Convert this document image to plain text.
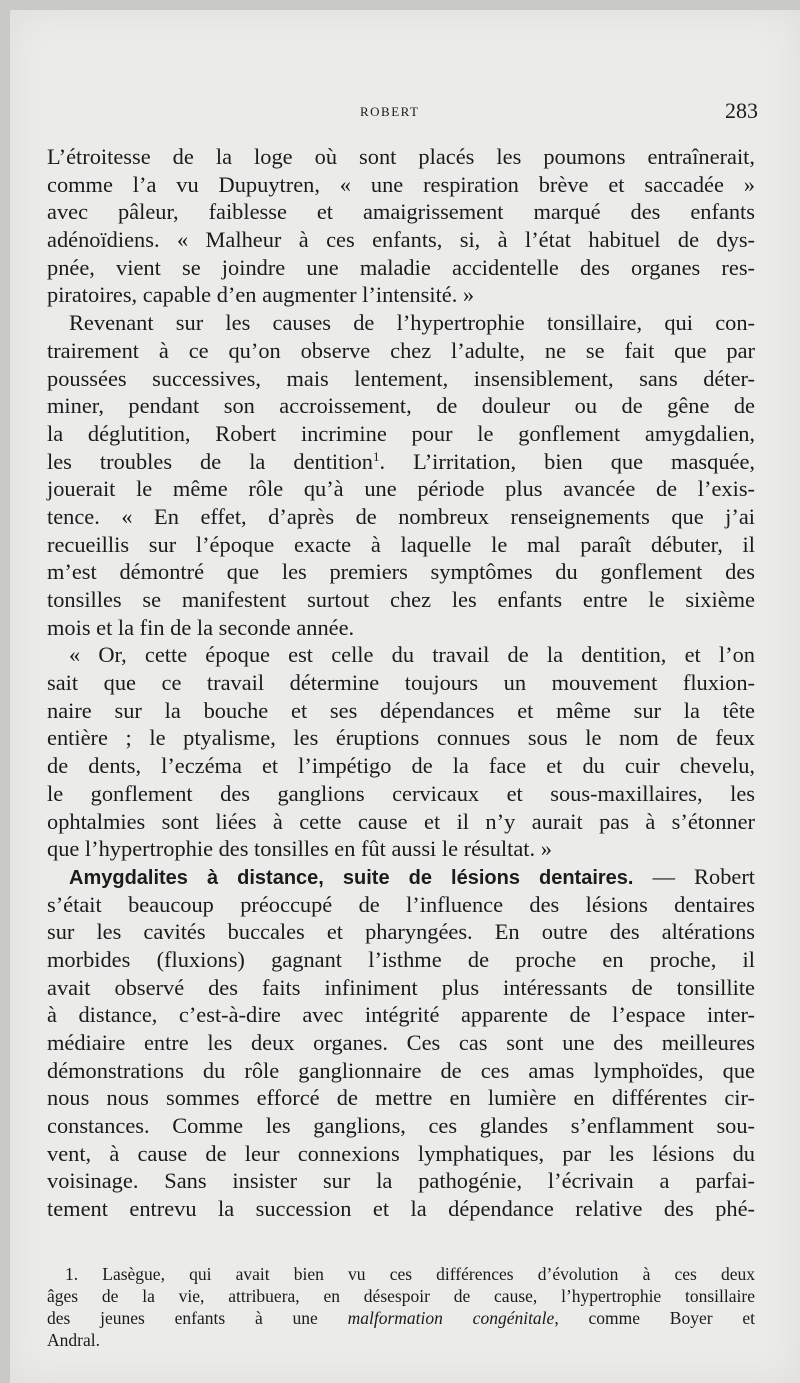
ROBERT	283
L’étroitesse de la loge où sont placés les poumons entraînerait,
comme l’a vu Dupuytren, « une respiration brève et saccadée »
avec pâleur, faiblesse et amaigrissement marqué des enfants
adénoïdiens. « Malheur à ces enfants, si, à l’état habituel de dys-
pnée, vient se joindre une maladie accidentelle des organes res-
piratoires, capable d’en augmenter l’intensité. »
Revenant sur les causes de l’hypertrophie tonsillaire, qui con-
trairement à ce qu’on observe chez l’adulte, ne se fait que par
poussées successives, mais lentement, insensiblement, sans déter-
miner, pendant son accroissement, de douleur ou de gêne de
la déglutition, Robert incrimine pour le gonflement amygdalien,
les troubles de la dentition$^1$. L’irritation, bien que masquée,
jouerait le même rôle qu’à une période plus avancée de l’exis-
tence. « En effet, d’après de nombreux renseignements que j’ai
recueillis sur l’époque exacte à laquelle le mal paraît débuter, il
m’est démontré que les premiers symptômes du gonflement des
tonsilles se manifestent surtout chez les enfants entre le sixième
mois et la fin de la seconde année.
« Or, cette époque est celle du travail de la dentition, et l’on
sait que ce travail détermine toujours un mouvement fluxion-
naire sur la bouche et ses dépendances et même sur la tête
entière ; le ptyalisme, les éruptions connues sous le nom de feux
de dents, l’eczéma et l’impétigo de la face et du cuir chevelu,
le gonflement des ganglions cervicaux et sous-maxillaires, les
ophtalmies sont liées à cette cause et il n’y aurait pas à s’étonner
que l’hypertrophie des tonsilles en fût aussi le résultat. »
Amygdalites à distance, suite de lésions dentaires. — Robert
s’était beaucoup préoccupé de l’influence des lésions dentaires
sur les cavités buccales et pharyngées. En outre des altérations
morbides (fluxions) gagnant l’isthme de proche en proche, il
avait observé des faits infiniment plus intéressants de tonsillite
à distance, c’est-à-dire avec intégrité apparente de l’espace inter-
médiaire entre les deux organes. Ces cas sont une des meilleures
démonstrations du rôle ganglionnaire de ces amas lymphoïdes, que
nous nous sommes efforcé de mettre en lumière en différentes cir-
constances. Comme les ganglions, ces glandes s’enflamment sou-
vent, à cause de leur connexions lymphatiques, par les lésions du
voisinage. Sans insister sur la pathogénie, l’écrivain a parfai-
tement entrevu la succession et la dépendance relative des phé-
1. Lasègue, qui avait bien vu ces différences d’évolution à ces deux
âges de la vie, attribuera, en désespoir de cause, l’hypertrophie tonsillaire
des jeunes enfants à une malformation congénitale, comme Boyer et
Andral.
